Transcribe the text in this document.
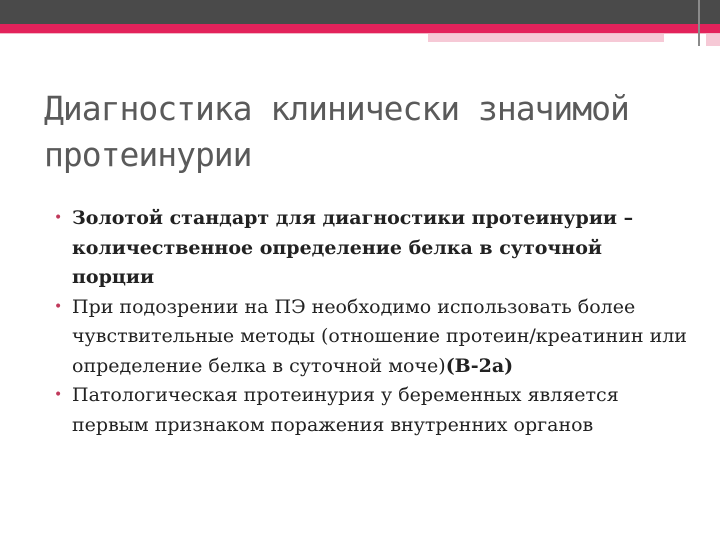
Диагностика клинически значимой протеинурии
• Золотой стандарт для диагностики протеинурии – количественное определение белка в суточной порции
• При подозрении на ПЭ необходимо использовать более чувствительные методы (отношение протеин/креатинин или определение белка в суточной моче)(В-2а)
• Патологическая протеинурия у беременных является первым признаком поражения внутренних органов
